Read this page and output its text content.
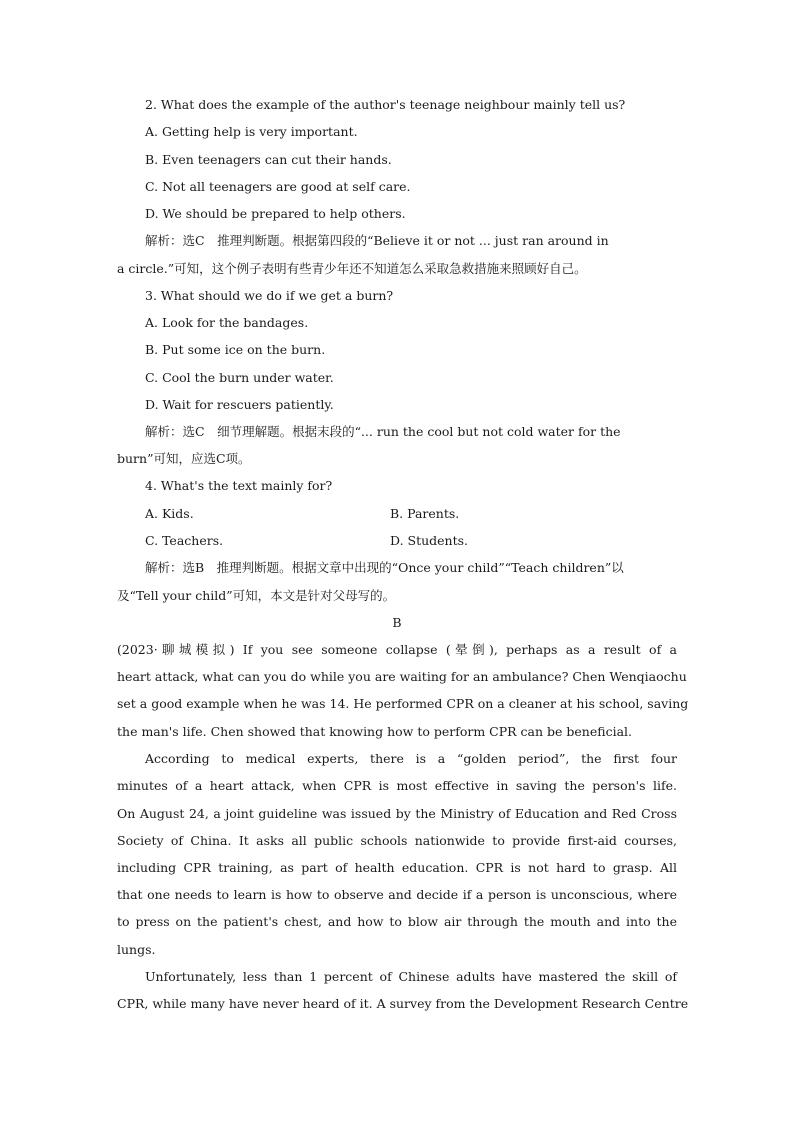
2. What does the example of the author's teenage neighbour mainly tell us?
A. Getting help is very important.
B. Even teenagers can cut their hands.
C. Not all teenagers are good at self care.
D. We should be prepared to help others.
解析：选C　推理判断题。根据第四段的“Believe it or not ... just ran around in
a circle.”可知，这个例子表明有些青少年还不知道怎么采取急救措施来照顾好自己。
3. What should we do if we get a burn?
A. Look for the bandages.
B. Put some ice on the burn.
C. Cool the burn under water.
D. Wait for rescuers patiently.
解析：选C　细节理解题。根据末段的“... run the cool but not cold water for the
burn”可知，应选C项。
4. What's the text mainly for?
A. Kids.	B. Parents.
C. Teachers.	D. Students.
解析：选B　推理判断题。根据文章中出现的“Once your child”“Teach children”以
及“Tell your child”可知，本文是针对父母写的。
B
(2023·聊城模拟) If you see someone collapse (晕倒), perhaps as a result of a
heart attack, what can you do while you are waiting for an ambulance? Chen Wenqiaochu
set a good example when he was 14. He performed CPR on a cleaner at his school, saving
the man's life. Chen showed that knowing how to perform CPR can be beneficial.
According to medical experts, there is a “golden period”, the first four
minutes of a heart attack, when CPR is most effective in saving the person's life.
On August 24, a joint guideline was issued by the Ministry of Education and Red Cross
Society of China. It asks all public schools nationwide to provide first-aid courses,
including CPR training, as part of health education. CPR is not hard to grasp. All
that one needs to learn is how to observe and decide if a person is unconscious, where
to press on the patient's chest, and how to blow air through the mouth and into the
lungs.
Unfortunately, less than 1 percent of Chinese adults have mastered the skill of
CPR, while many have never heard of it. A survey from the Development Research Centre
